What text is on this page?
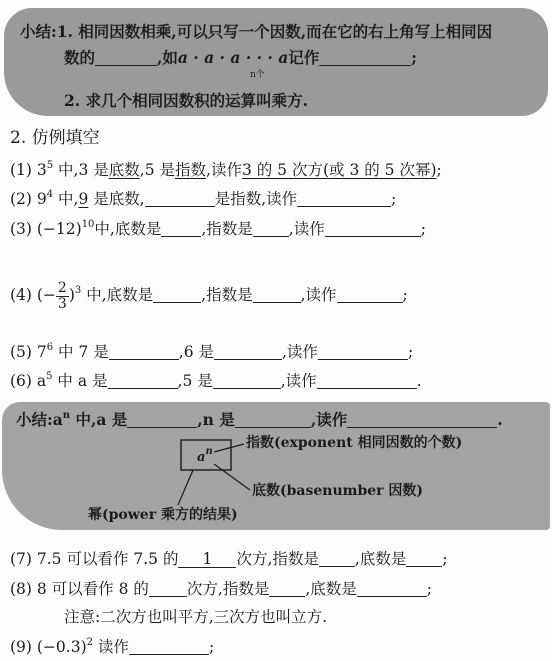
小结:1. 相同因数相乘,可以只写一个因数,而在它的右上角写上相同因
数的	,如a · a · a · · · a记作	;
n个
2. 求几个相同因数积的运算叫乘方.
2. 仿例填空
(1) $3^5$ 中,3 是底数,5 是指数,读作3 的 5 次方(或 3 的 5 次幂);
(2) $9^4$ 中,9 是底数,	是指数,读作	;
(3) $(-12)^{10}$中,底数是	,指数是 ,读作	;
(4) (− $\frac{2}{3} )^3$ 中,底数是	,指数是	,读作	;
(5) $7^6$ 中 7 是	,6 是	,读作	;
(6) $a^5$ 中 a 是	,5 是	,读作	.
小结$:a^n$ 中,a 是	,n 是	,读作	.
$a^n$
指数(exponent 相同因数的个数)
底数(basenumber 因数)
幂(power 乘方的结果)
(7) 7.5 可以看作 7.5 的 1 次方,指数是 ,底数是 ;
(8) 8 可以看作 8 的 次方,指数是 ,底数是	;
注意:二次方也叫平方,三次方也叫立方.
(9) $(-0.3)^2$ 读作	;
